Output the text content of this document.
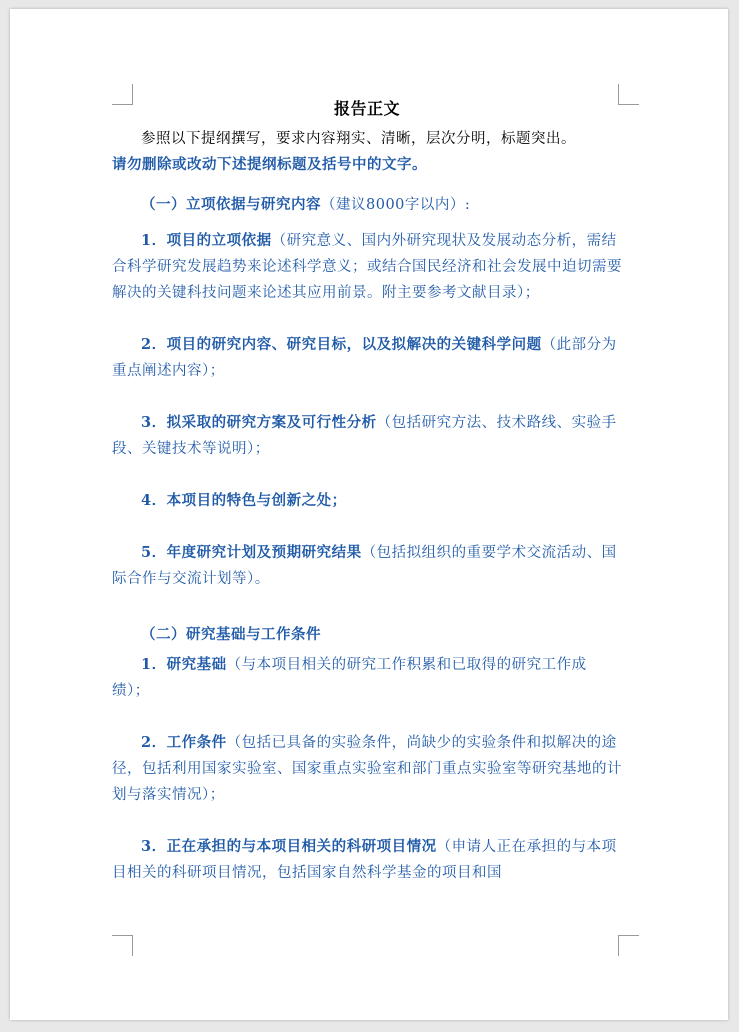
报告正文

参照以下提纲撰写，要求内容翔实、清晰，层次分明，标题突出。

请勿删除或改动下述提纲标题及括号中的文字。

（一）立项依据与研究内容（建议8000字以内）:

1．项目的立项依据（研究意义、国内外研究现状及发展动态分析，需结合科学研究发展趋势来论述科学意义；或结合国民经济和社会发展中迫切需要解决的关键科技问题来论述其应用前景。附主要参考文献目录）；

2．项目的研究内容、研究目标，以及拟解决的关键科学问题（此部分为重点阐述内容）；

3．拟采取的研究方案及可行性分析（包括研究方法、技术路线、实验手段、关键技术等说明）；

4．本项目的特色与创新之处；

5．年度研究计划及预期研究结果（包括拟组织的重要学术交流活动、国际合作与交流计划等）。

（二）研究基础与工作条件

1．研究基础（与本项目相关的研究工作积累和已取得的研究工作成绩）；

2．工作条件（包括已具备的实验条件，尚缺少的实验条件和拟解决的途径，包括利用国家实验室、国家重点实验室和部门重点实验室等研究基地的计划与落实情况）；

3．正在承担的与本项目相关的科研项目情况（申请人正在承担的与本项目相关的科研项目情况，包括国家自然科学基金的项目和国
